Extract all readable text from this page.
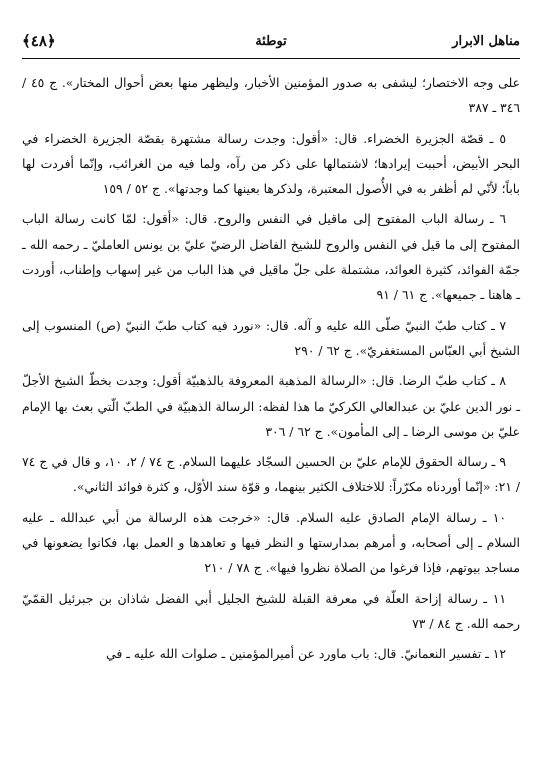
مناهل الابرار
توطئة
﴿٤٨﴾

على وجه الاختصار؛ ليشفى به صدور المؤمنين الأخبار، وليظهر منها بعض أحوال المختار». ج ٤٥ / ٣٤٦ ـ ٣٨٧

٥ ـ قصّة الجزيرة الخضراء. قال: «أقول: وجدت رسالة مشتهرة بقصّة الجزيرة الخضراء في البحر الأبيض، أحببت إيرادها؛ لاشتمالها على ذكر من رآه، ولما فيه من الغرائب، وإنّما أفردت لها باباً؛ لأنّي لم أظفر به في الأُصول المعتبرة، ولذكرها بعينها كما وجدتها». ج ٥٢ / ١٥٩

٦ ـ رسالة الباب المفتوح إلى ماقيل في النفس والروح. قال: «أقول: لمّا كانت رسالة الباب المفتوح إلى ما قيل في النفس والروح للشيخ الفاضل الرضيّ عليّ بن يونس العامليّ ـ رحمه الله ـ جمّة الفوائد، كثيرة العوائد، مشتملة على جلّ ماقيل في هذا الباب من غير إسهاب وإطناب، أوردت ـ هاهنا ـ جميعها». ج ٦١ / ٩١

٧ ـ كتاب طبّ النبيّ صلّى الله عليه و آله. قال: «نورد فيه كتاب طبّ النبيّ (ص) المنسوب إلى الشيخ أبي العبّاس المستغفريّ». ج ٦٢ / ٢٩٠

٨ ـ كتاب طبّ الرضا. قال: «الرسالة المذهبة المعروفة بالذهبيّة أقول: وجدت بخطّ الشيخ الأجلّ ـ نور الدين عليّ بن عبدالعالي الكركيّ ما هذا لفظه: الرسالة الذهبيّة في الطبّ الّتي بعث بها الإمام عليّ بن موسى الرضا ـ إلى المأمون». ج ٦٢ / ٣٠٦

٩ ـ رسالة الحقوق للإمام عليّ بن الحسين السجّاد عليهما السلام. ج ٧٤ / ٢، ١٠، و قال في ج ٧٤ / ٢١: «إنّما أوردناه مكرّراً: للاختلاف الكثير بينهما، و قوّة سند الأوّل، و كثرة فوائد الثاني».

١٠ ـ رسالة الإمام الصادق عليه السلام. قال: «خرجت هذه الرسالة من أبي عبدالله ـ عليه السلام ـ إلى أصحابه، و أمرهم بمدارستها و النظر فيها و تعاهدها و العمل بها، فكانوا يضعونها في مساجد بيوتهم، فإذا فرغوا من الصلاة نظروا فيها». ج ٧٨ / ٢١٠

١١ ـ رسالة إزاحة العلّة في معرفة القبلة للشيخ الجليل أبي الفضل شاذان بن جبرئيل القمّيّ رحمه الله. ج ٨٤ / ٧٣

١٢ ـ تفسير النعمانيّ. قال: باب ماورد عن أميرالمؤمنين ـ صلوات الله عليه ـ في
